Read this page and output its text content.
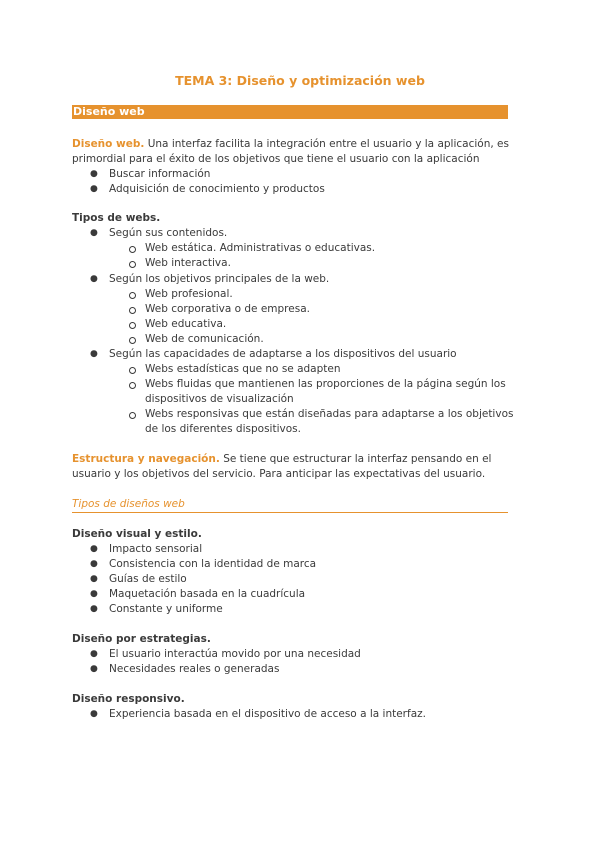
TEMA 3: Diseño y optimización web
Diseño web
Diseño web. Una interfaz facilita la integración entre el usuario y la aplicación, es
primordial para el éxito de los objetivos que tiene el usuario con la aplicación
● Buscar información
● Adquisición de conocimiento y productos
Tipos de webs.
● Según sus contenidos.
Web estática. Administrativas o educativas.
Web interactiva.
● Según los objetivos principales de la web.
Web profesional.
Web corporativa o de empresa.
Web educativa.
Web de comunicación.
● Según las capacidades de adaptarse a los dispositivos del usuario
Webs estadísticas que no se adapten
Webs fluidas que mantienen las proporciones de la página según los
dispositivos de visualización
Webs responsivas que están diseñadas para adaptarse a los objetivos
de los diferentes dispositivos.
Estructura y navegación. Se tiene que estructurar la interfaz pensando en el
usuario y los objetivos del servicio. Para anticipar las expectativas del usuario.
Tipos de diseños web
Diseño visual y estilo.
● Impacto sensorial
● Consistencia con la identidad de marca
● Guías de estilo
● Maquetación basada en la cuadrícula
● Constante y uniforme
Diseño por estrategias.
● El usuario interactúa movido por una necesidad
● Necesidades reales o generadas
Diseño responsivo.
● Experiencia basada en el dispositivo de acceso a la interfaz.
